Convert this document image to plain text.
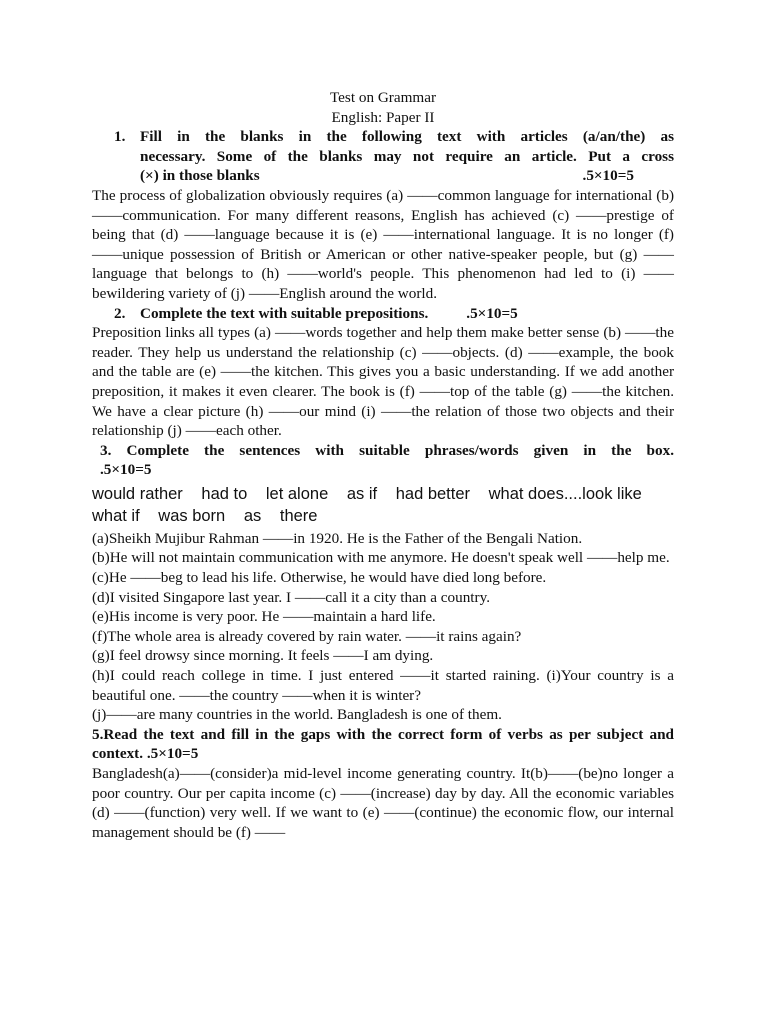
Test on Grammar
English: Paper II
1. Fill in the blanks in the following text with articles (a/an/the) as
necessary. Some of the blanks may not require an article. Put a cross
(×) in those blanks	.5×10=5

The process of globalization obviously requires (a) ——common language for international (b) ——communication. For many different reasons, English has achieved (c) ——prestige of being that (d) ——language because it is (e) ——international language. It is no longer (f) ——unique possession of British or American or other native-speaker people, but (g) ——language that belongs to (h) ——world's people. This phenomenon had led to (i) ——bewildering variety of (j) ——English around the world.

2. Complete the text with suitable prepositions.	.5×10=5

Preposition links all types (a) ——words together and help them make better sense (b) ——the reader. They help us understand the relationship (c) ——objects. (d) ——example, the book and the table are (e) ——the kitchen. This gives you a basic understanding. If we add another preposition, it makes it even clearer. The book is (f) ——top of the table (g) ——the kitchen. We have a clear picture (h) ——our mind (i) ——the relation of those two objects and their relationship (j) ——each other.

3. Complete the sentences with suitable phrases/words given in the box.
.5×10=5
would rather had to let alone as if had better what does....look like what if was born as there

(a)Sheikh Mujibur Rahman ——in 1920. He is the Father of the Bengali Nation.

(b)He will not maintain communication with me anymore. He doesn't speak well ——help me.

(c)He ——beg to lead his life. Otherwise, he would have died long before.

(d)I visited Singapore last year. I ——call it a city than a country.

(e)His income is very poor. He ——maintain a hard life.

(f)The whole area is already covered by rain water. ——it rains again?

(g)I feel drowsy since morning. It feels ——I am dying.

(h)I could reach college in time. I just entered ——it started raining. (i)Your country is a beautiful one. ——the country ——when it is winter?

(j)——are many countries in the world. Bangladesh is one of them.

5.Read the text and fill in the gaps with the correct form of verbs as per subject and context. .5×10=5

Bangladesh(a)——(consider)a mid-level income generating country. It(b)——(be)no longer a poor country. Our per capita income (c) ——(increase) day by day. All the economic variables (d) ——(function) very well. If we want to (e) ——(continue) the economic flow, our internal management should be (f) ——
